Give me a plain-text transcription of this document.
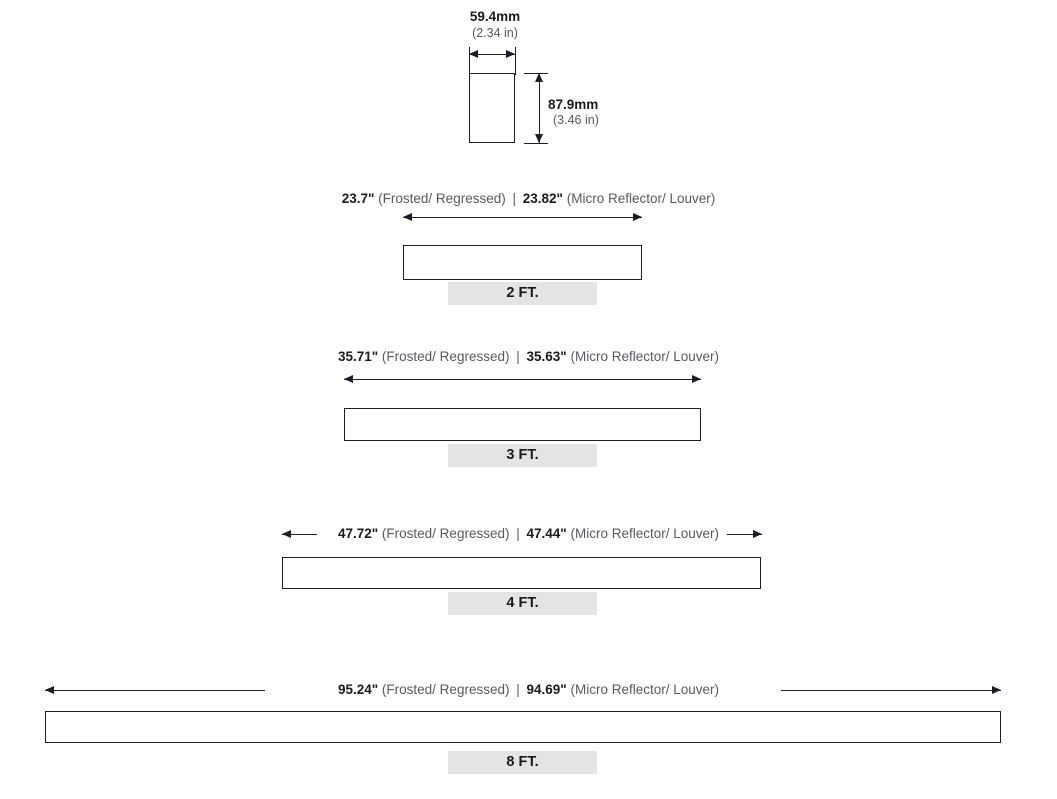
59.4mm
(2.34 in)
87.9mm
(3.46 in)
23.7" (Frosted/ Regressed) | 23.82" (Micro Reflector/ Louver)
2 FT.
35.71" (Frosted/ Regressed) | 35.63" (Micro Reflector/ Louver)
3 FT.
47.72" (Frosted/ Regressed) | 47.44" (Micro Reflector/ Louver)
4 FT.
95.24" (Frosted/ Regressed) | 94.69" (Micro Reflector/ Louver)
8 FT.
